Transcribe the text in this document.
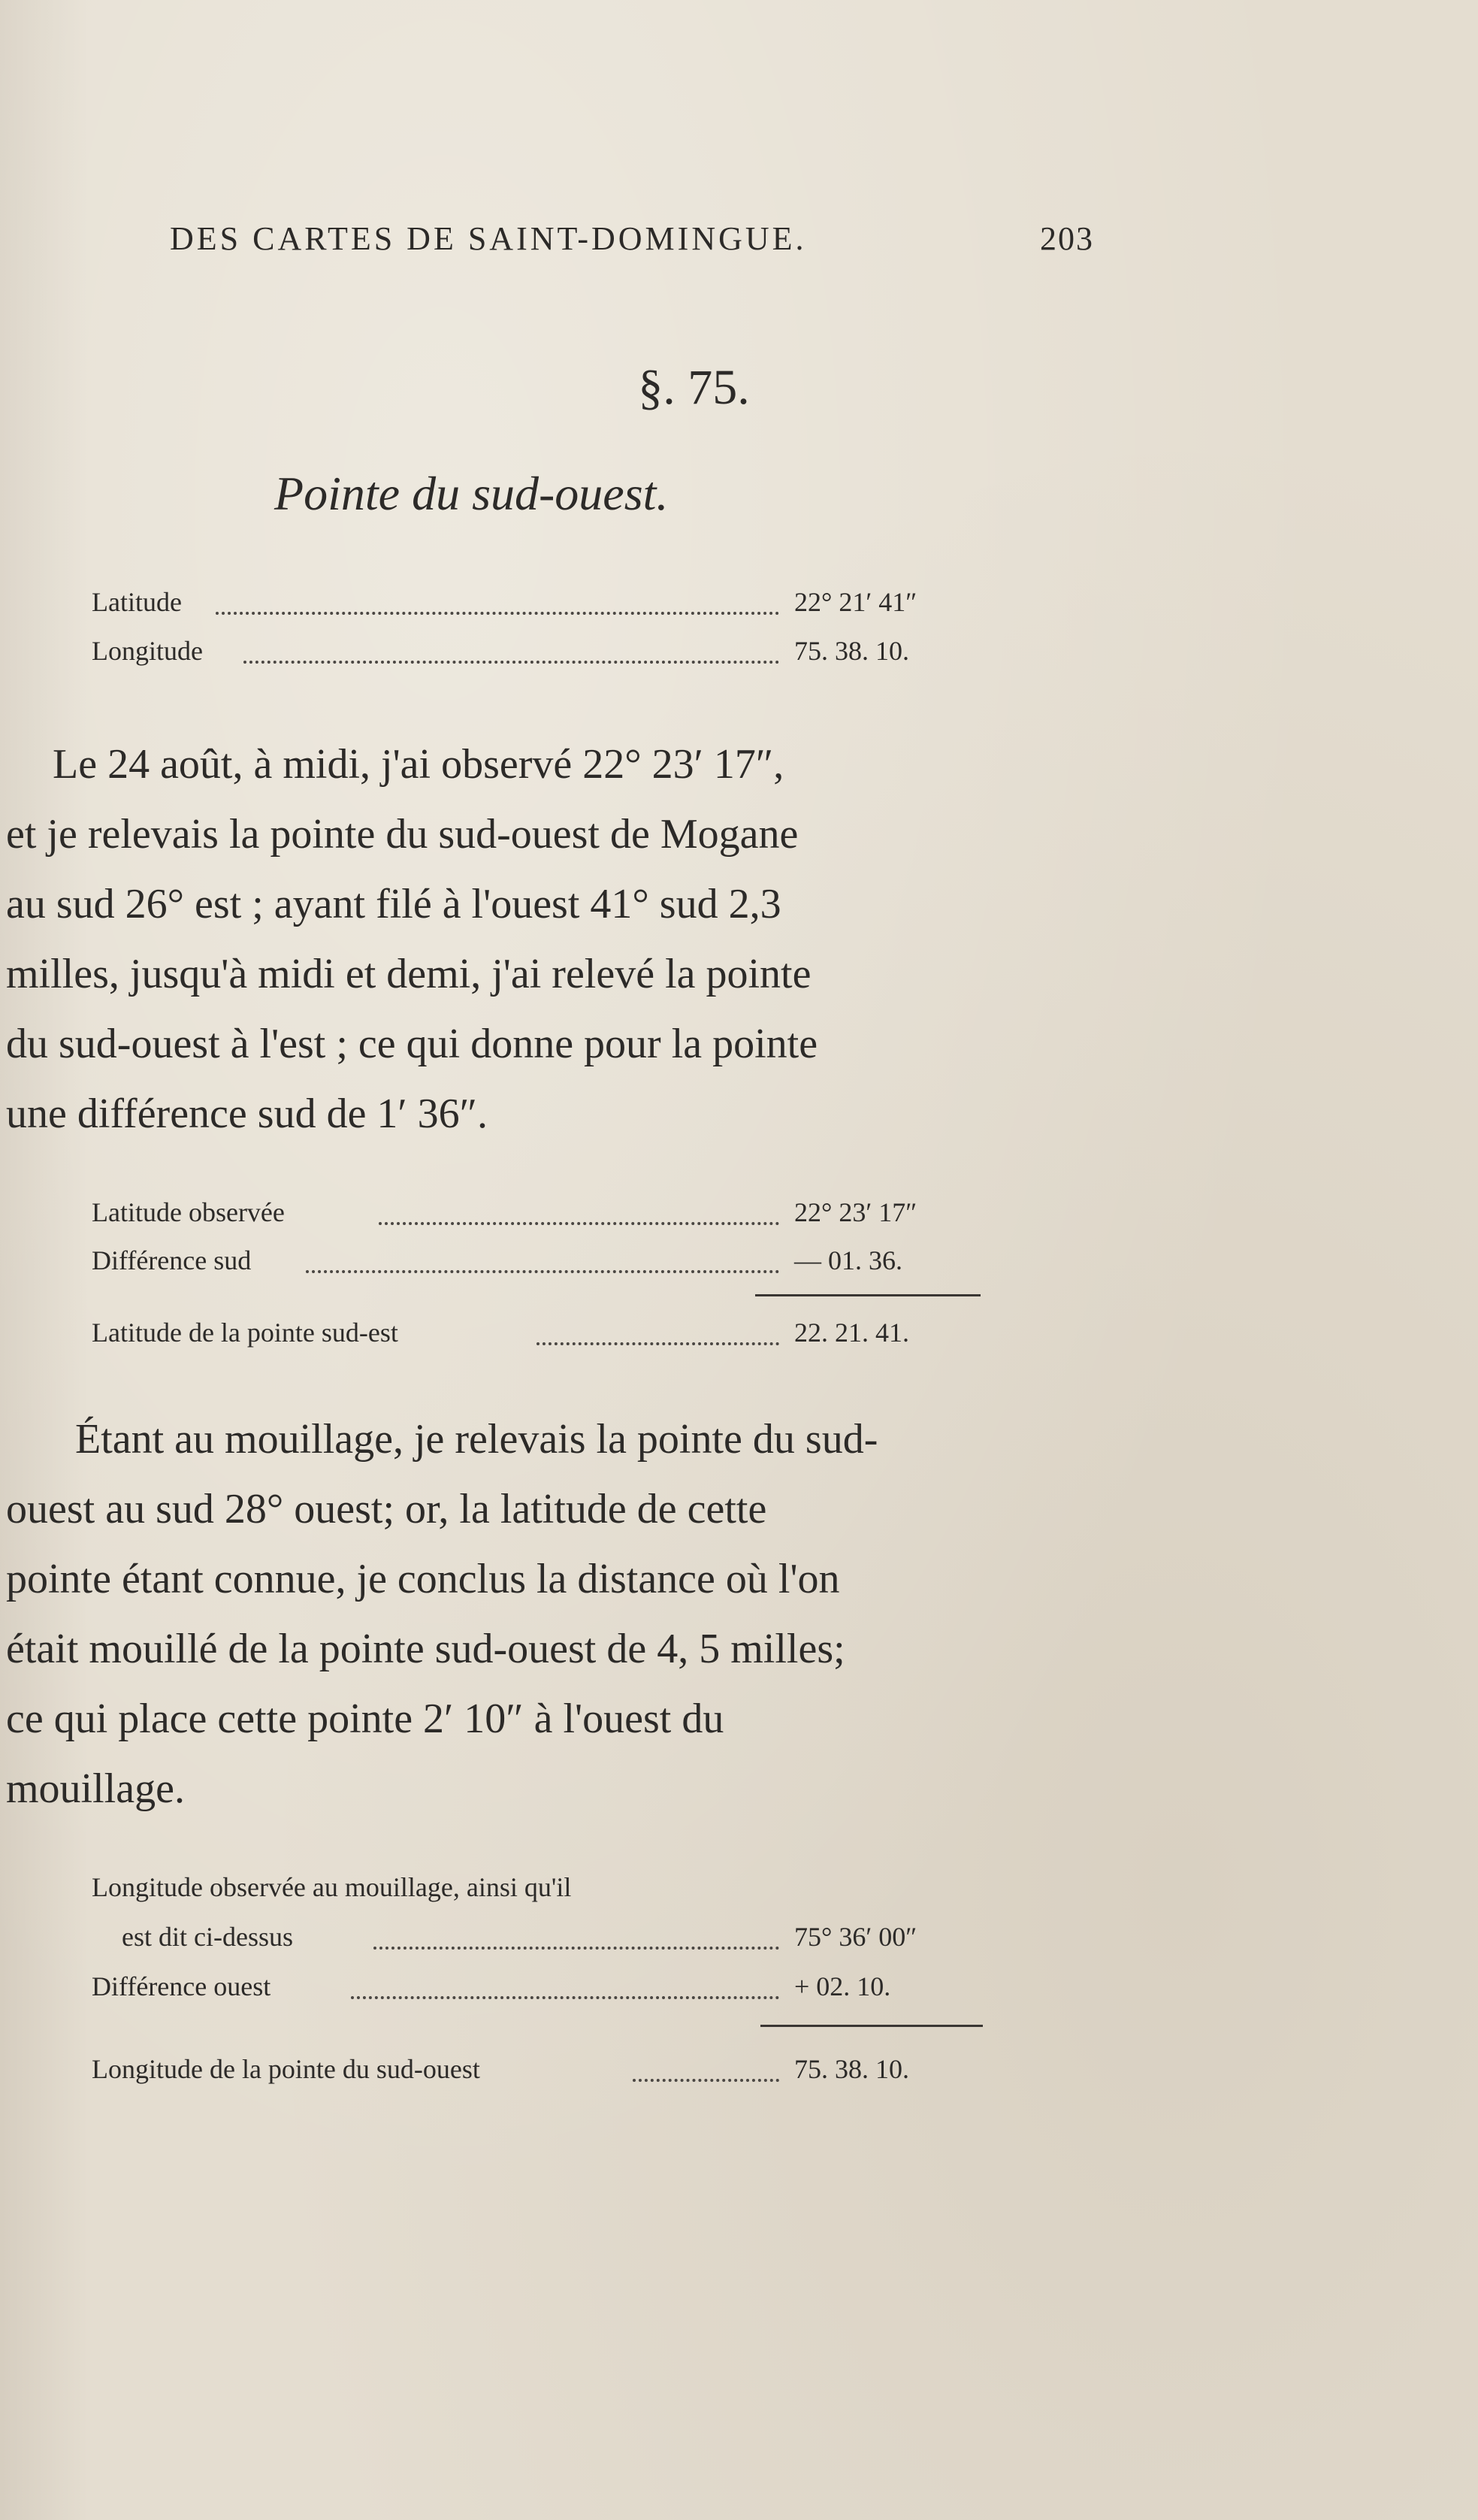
DES CARTES DE SAINT-DOMINGUE.	203
§. 75.
Pointe du sud-ouest.
Latitude	22° 21′ 41″
Longitude	75. 38. 10.
Le 24 août, à midi, j'ai observé 22° 23′ 17″,
et je relevais la pointe du sud-ouest de Mogane
au sud 26° est ; ayant filé à l'ouest 41° sud 2,3
milles, jusqu'à midi et demi, j'ai relevé la pointe
du sud-ouest à l'est ; ce qui donne pour la pointe
une différence sud de 1′ 36″.
Latitude observée	22° 23′ 17″
Différence sud	— 01. 36.
Latitude de la pointe sud-est	22. 21. 41.
Étant au mouillage, je relevais la pointe du sud-
ouest au sud 28° ouest; or, la latitude de cette
pointe étant connue, je conclus la distance où l'on
était mouillé de la pointe sud-ouest de 4, 5 milles;
ce qui place cette pointe 2′ 10″ à l'ouest du
mouillage.
Longitude observée au mouillage, ainsi qu'il
est dit ci-dessus	75° 36′ 00″
Différence ouest	+ 02. 10.
Longitude de la pointe du sud-ouest	75. 38. 10.
